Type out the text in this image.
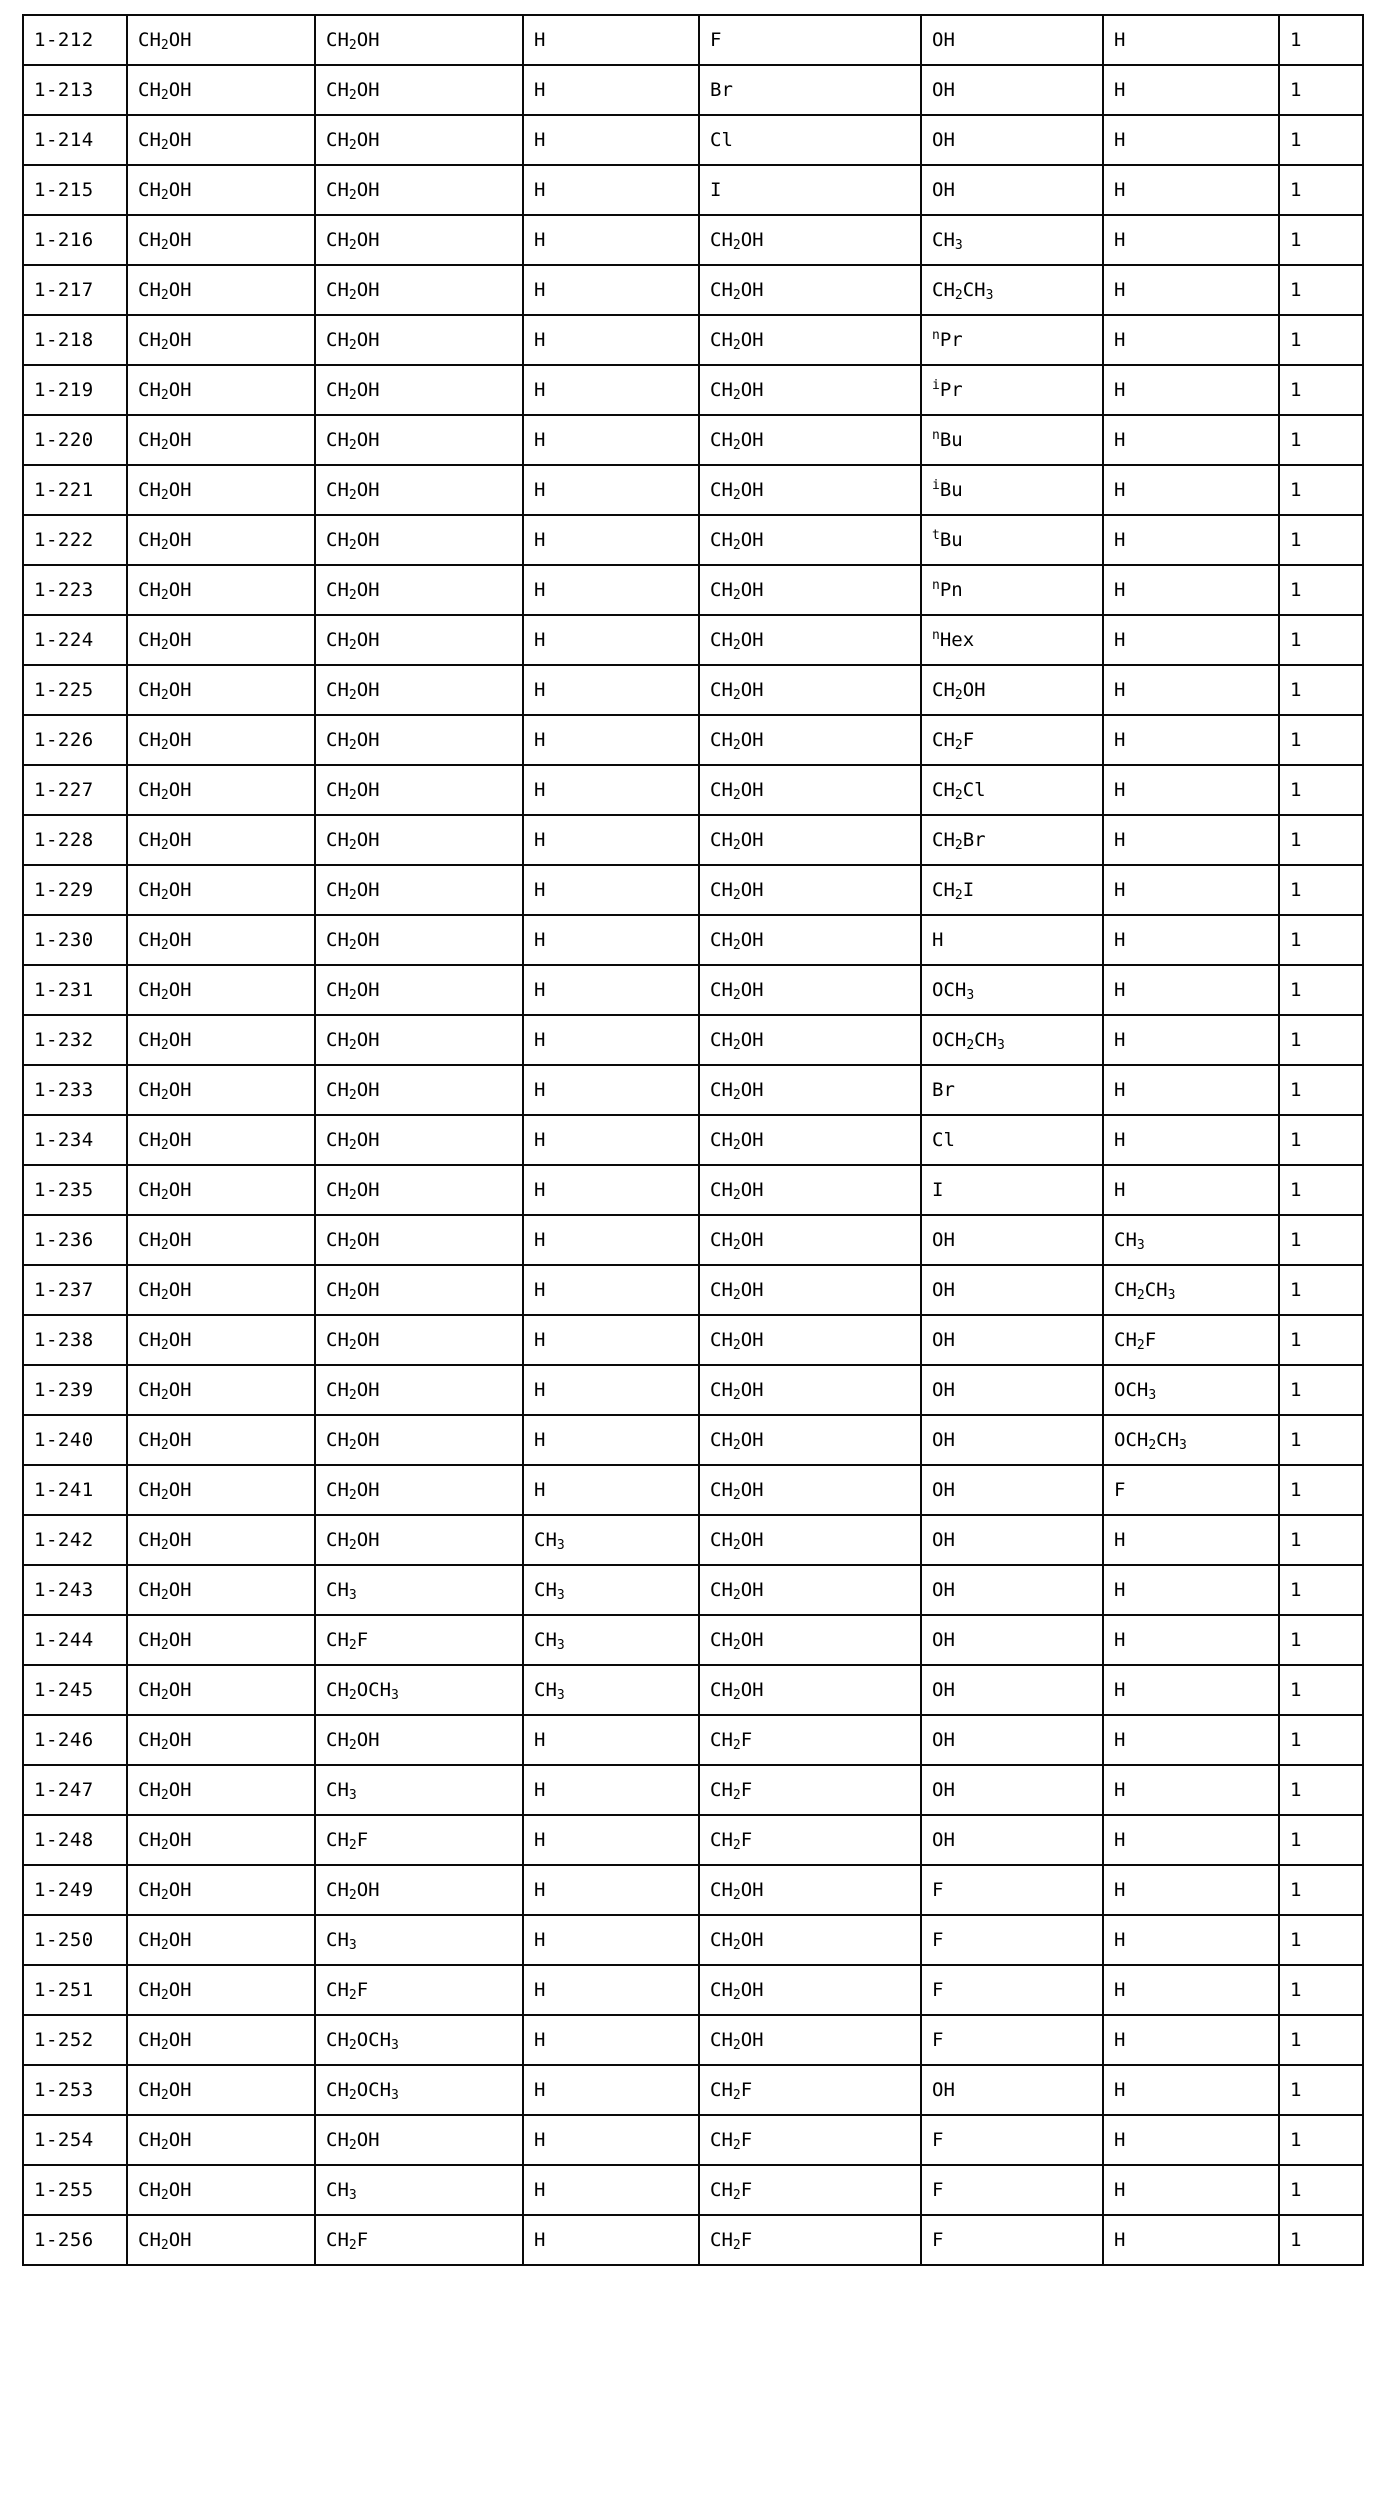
1-212	$CH_2OH$	$CH_2OH$	H	F	OH	H	1
1-213	$CH_2OH$	$CH_2OH$	H	Br	OH	H	1
1-214	$CH_2OH$	$CH_2OH$	H	Cl	OH	H	1
1-215	$CH_2OH$	$CH_2OH$	H	I	OH	H	1
1-216	$CH_2OH$	$CH_2OH$	H	$CH_2OH$	$CH_3$	H	1
1-217	$CH_2OH$	$CH_2OH$	H	$CH_2OH$	$CH_2CH_3$	H	1
1-218	$CH_2OH$	$CH_2OH$	H	$CH_2OH$	$^n$Pr	H	1
1-219	$CH_2OH$	$CH_2OH$	H	$CH_2OH$	$^i$Pr	H	1
1-220	$CH_2OH$	$CH_2OH$	H	$CH_2OH$	$^n$Bu	H	1
1-221	$CH_2OH$	$CH_2OH$	H	$CH_2OH$	$^i$Bu	H	1
1-222	$CH_2OH$	$CH_2OH$	H	$CH_2OH$	$^t$Bu	H	1
1-223	$CH_2OH$	$CH_2OH$	H	$CH_2OH$	$^n$Pn	H	1
1-224	$CH_2OH$	$CH_2OH$	H	$CH_2OH$	$^n$Hex	H	1
1-225	$CH_2OH$	$CH_2OH$	H	$CH_2OH$	$CH_2OH$	H	1
1-226	$CH_2OH$	$CH_2OH$	H	$CH_2OH$	$CH_2F$	H	1
1-227	$CH_2OH$	$CH_2OH$	H	$CH_2OH$	$CH_2Cl$	H	1
1-228	$CH_2OH$	$CH_2OH$	H	$CH_2OH$	$CH_2Br$	H	1
1-229	$CH_2OH$	$CH_2OH$	H	$CH_2OH$	$CH_2I$	H	1
1-230	$CH_2OH$	$CH_2OH$	H	$CH_2OH$	H	H	1
1-231	$CH_2OH$	$CH_2OH$	H	$CH_2OH$	$OCH_3$	H	1
1-232	$CH_2OH$	$CH_2OH$	H	$CH_2OH$	$OCH_2CH_3$	H	1
1-233	$CH_2OH$	$CH_2OH$	H	$CH_2OH$	Br	H	1
1-234	$CH_2OH$	$CH_2OH$	H	$CH_2OH$	Cl	H	1
1-235	$CH_2OH$	$CH_2OH$	H	$CH_2OH$	I	H	1
1-236	$CH_2OH$	$CH_2OH$	H	$CH_2OH$	OH	$CH_3$	1
1-237	$CH_2OH$	$CH_2OH$	H	$CH_2OH$	OH	$CH_2CH_3$	1
1-238	$CH_2OH$	$CH_2OH$	H	$CH_2OH$	OH	$CH_2F$	1
1-239	$CH_2OH$	$CH_2OH$	H	$CH_2OH$	OH	$OCH_3$	1
1-240	$CH_2OH$	$CH_2OH$	H	$CH_2OH$	OH	$OCH_2CH_3$	1
1-241	$CH_2OH$	$CH_2OH$	H	$CH_2OH$	OH	F	1
1-242	$CH_2OH$	$CH_2OH$	$CH_3$	$CH_2OH$	OH	H	1
1-243	$CH_2OH$	$CH_3$	$CH_3$	$CH_2OH$	OH	H	1
1-244	$CH_2OH$	$CH_2F$	$CH_3$	$CH_2OH$	OH	H	1
1-245	$CH_2OH$	$CH_2OCH_3$	$CH_3$	$CH_2OH$	OH	H	1
1-246	$CH_2OH$	$CH_2OH$	H	$CH_2F$	OH	H	1
1-247	$CH_2OH$	$CH_3$	H	$CH_2F$	OH	H	1
1-248	$CH_2OH$	$CH_2F$	H	$CH_2F$	OH	H	1
1-249	$CH_2OH$	$CH_2OH$	H	$CH_2OH$	F	H	1
1-250	$CH_2OH$	$CH_3$	H	$CH_2OH$	F	H	1
1-251	$CH_2OH$	$CH_2F$	H	$CH_2OH$	F	H	1
1-252	$CH_2OH$	$CH_2OCH_3$	H	$CH_2OH$	F	H	1
1-253	$CH_2OH$	$CH_2OCH_3$	H	$CH_2F$	OH	H	1
1-254	$CH_2OH$	$CH_2OH$	H	$CH_2F$	F	H	1
1-255	$CH_2OH$	$CH_3$	H	$CH_2F$	F	H	1
1-256	$CH_2OH$	$CH_2F$	H	$CH_2F$	F	H	1
